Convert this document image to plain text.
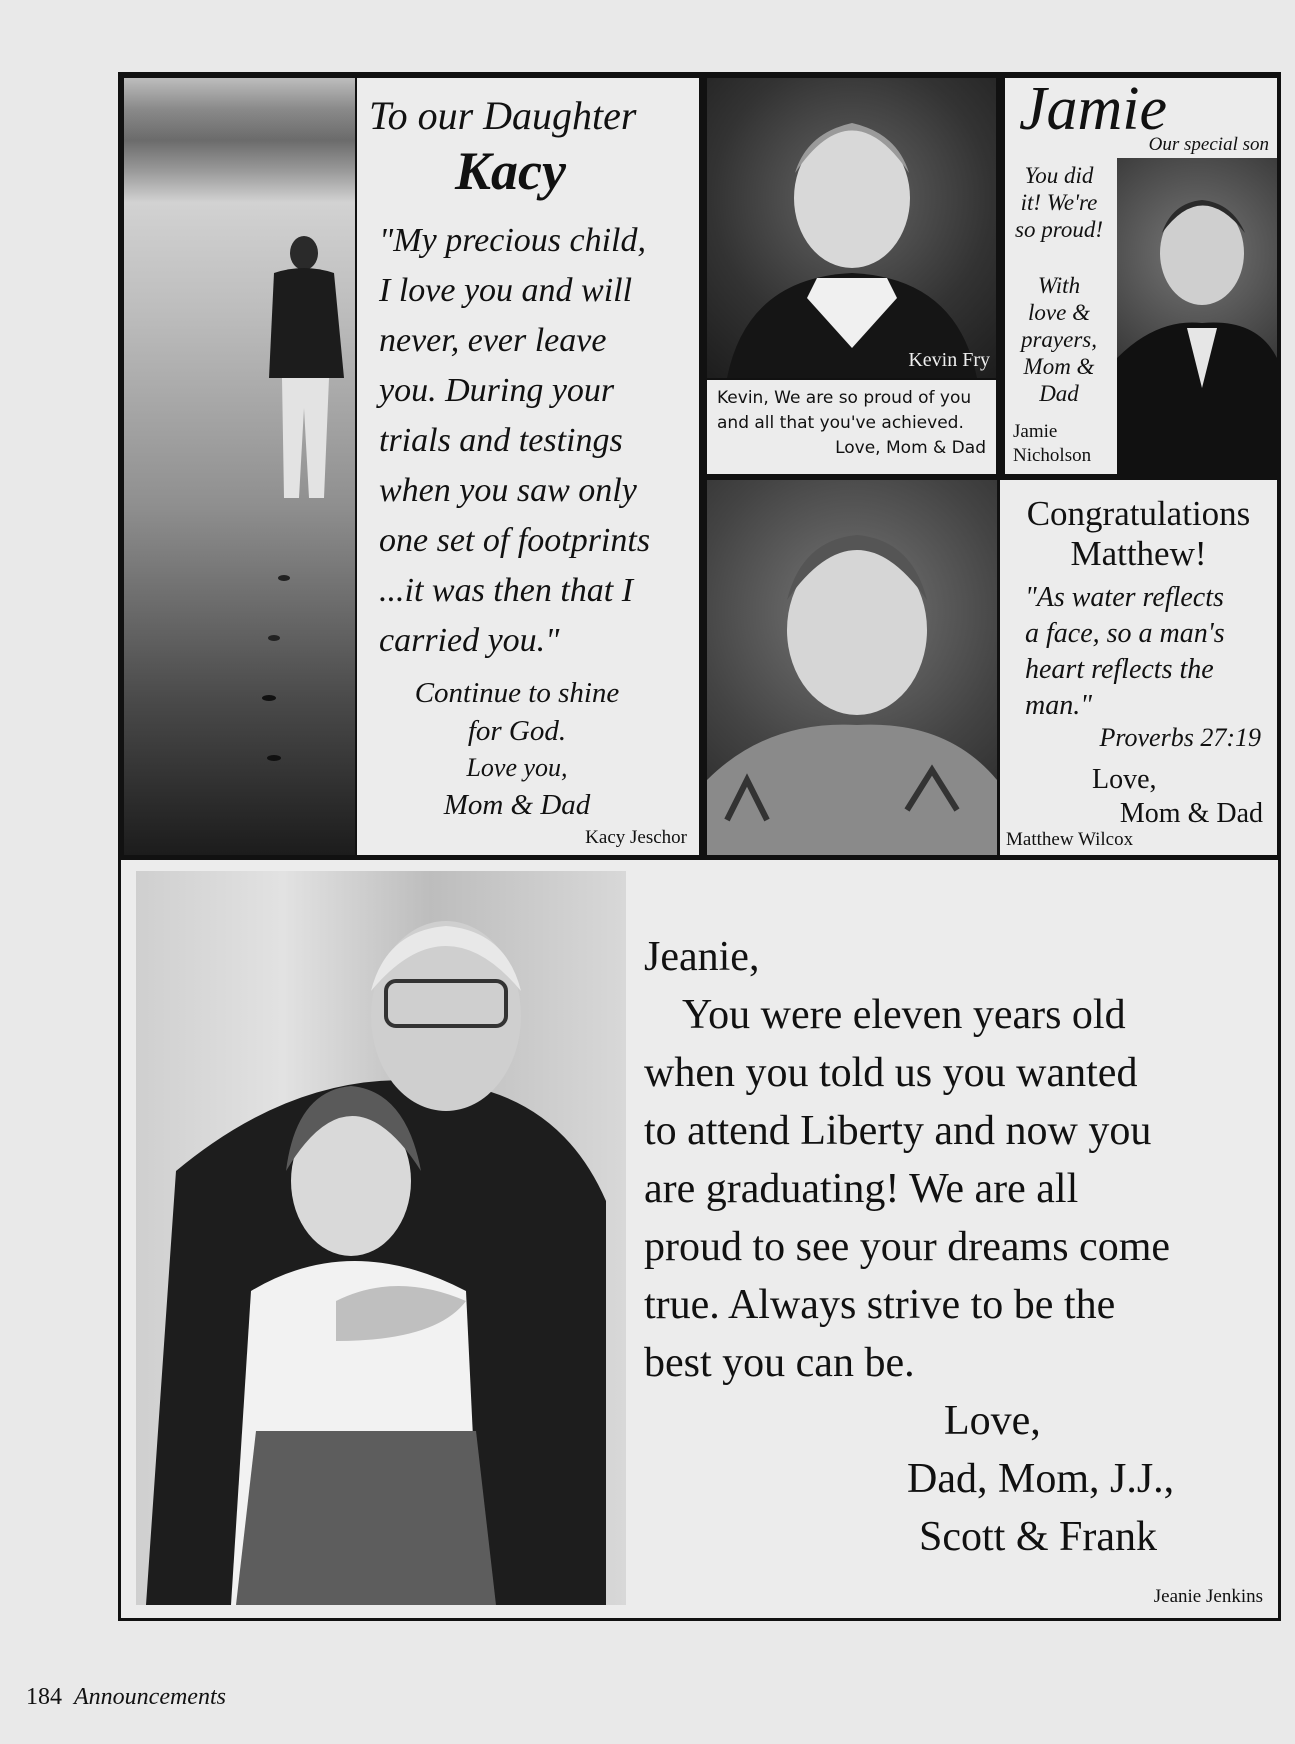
To our Daughter
Kacy
"My precious child,
I love you and will
never, ever leave
you. During your
trials and testings
when you saw only
one set of footprints
...it was then that I
carried you."
Continue to shine
for God.
Love you,
Mom & Dad
Kacy Jeschor
Kevin Fry
Kevin, We are so proud of you
and all that you've achieved.
Love, Mom & Dad
Jamie
Our special son
You did
it! We're
so proud!
With
love &
prayers,
Mom &
Dad
Jamie
Nicholson
Congratulations
Matthew!
"As water reflects
a face, so a man's
heart reflects the
man."
Proverbs 27:19
Love,
Mom & Dad
Matthew Wilcox
Jeanie,
You were eleven years old
when you told us you wanted
to attend Liberty and now you
are graduating! We are all
proud to see your dreams come
true. Always strive to be the
best you can be.
Love,
Dad, Mom, J.J.,
Scott & Frank
Jeanie Jenkins
184 Announcements
